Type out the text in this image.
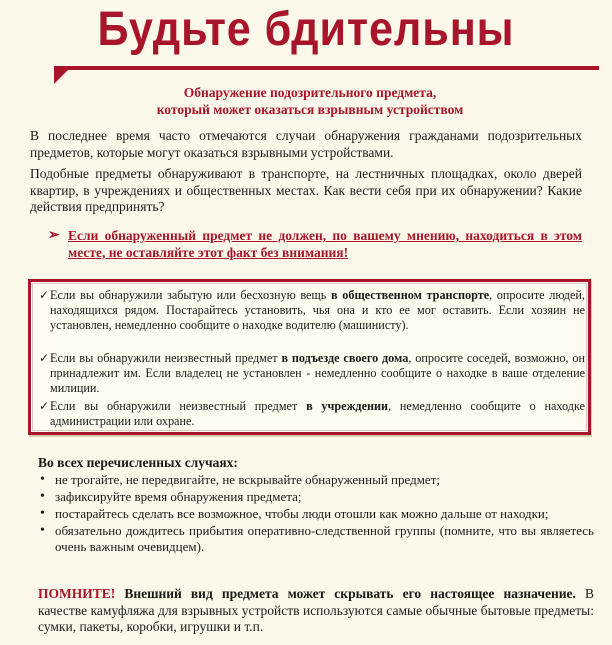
Будьте бдительны
Обнаружение подозрительного предмета,
который может оказаться взрывным устройством

В последнее время часто отмечаются случаи обнаружения гражданами подозрительных предметов, которые могут оказаться взрывными устройствами.

Подобные предметы обнаруживают в транспорте, на лестничных площадках, около дверей квартир, в учреждениях и общественных местах. Как вести себя при их обнаружении? Какие действия предпринять?

➢ Если обнаруженный предмет не должен, по вашему мнению, находиться в этом месте, не оставляйте этот факт без внимания!

✓ Если вы обнаружили забытую или бесхозную вещь в общественном транспорте, опросите людей, находящихся рядом. Постарайтесь установить, чья она и кто ее мог оставить. Если хозяин не установлен, немедленно сообщите о находке водителю (машинисту).

✓ Если вы обнаружили неизвестный предмет в подъезде своего дома, опросите соседей, возможно, он принадлежит им. Если владелец не установлен - немедленно сообщите о находке в ваше отделение милиции.

✓ Если вы обнаружили неизвестный предмет в учреждении, немедленно сообщите о находке администрации или охране.

Во всех перечисленных случаях:
• не трогайте, не передвигайте, не вскрывайте обнаруженный предмет;
• зафиксируйте время обнаружения предмета;
• постарайтесь сделать все возможное, чтобы люди отошли как можно дальше от находки;
• обязательно дождитесь прибытия оперативно-следственной группы (помните, что вы являетесь очень важным очевидцем).

ПОМНИТЕ! Внешний вид предмета может скрывать его настоящее назначение. В качестве камуфляжа для взрывных устройств используются самые обычные бытовые предметы: сумки, пакеты, коробки, игрушки и т.п.
